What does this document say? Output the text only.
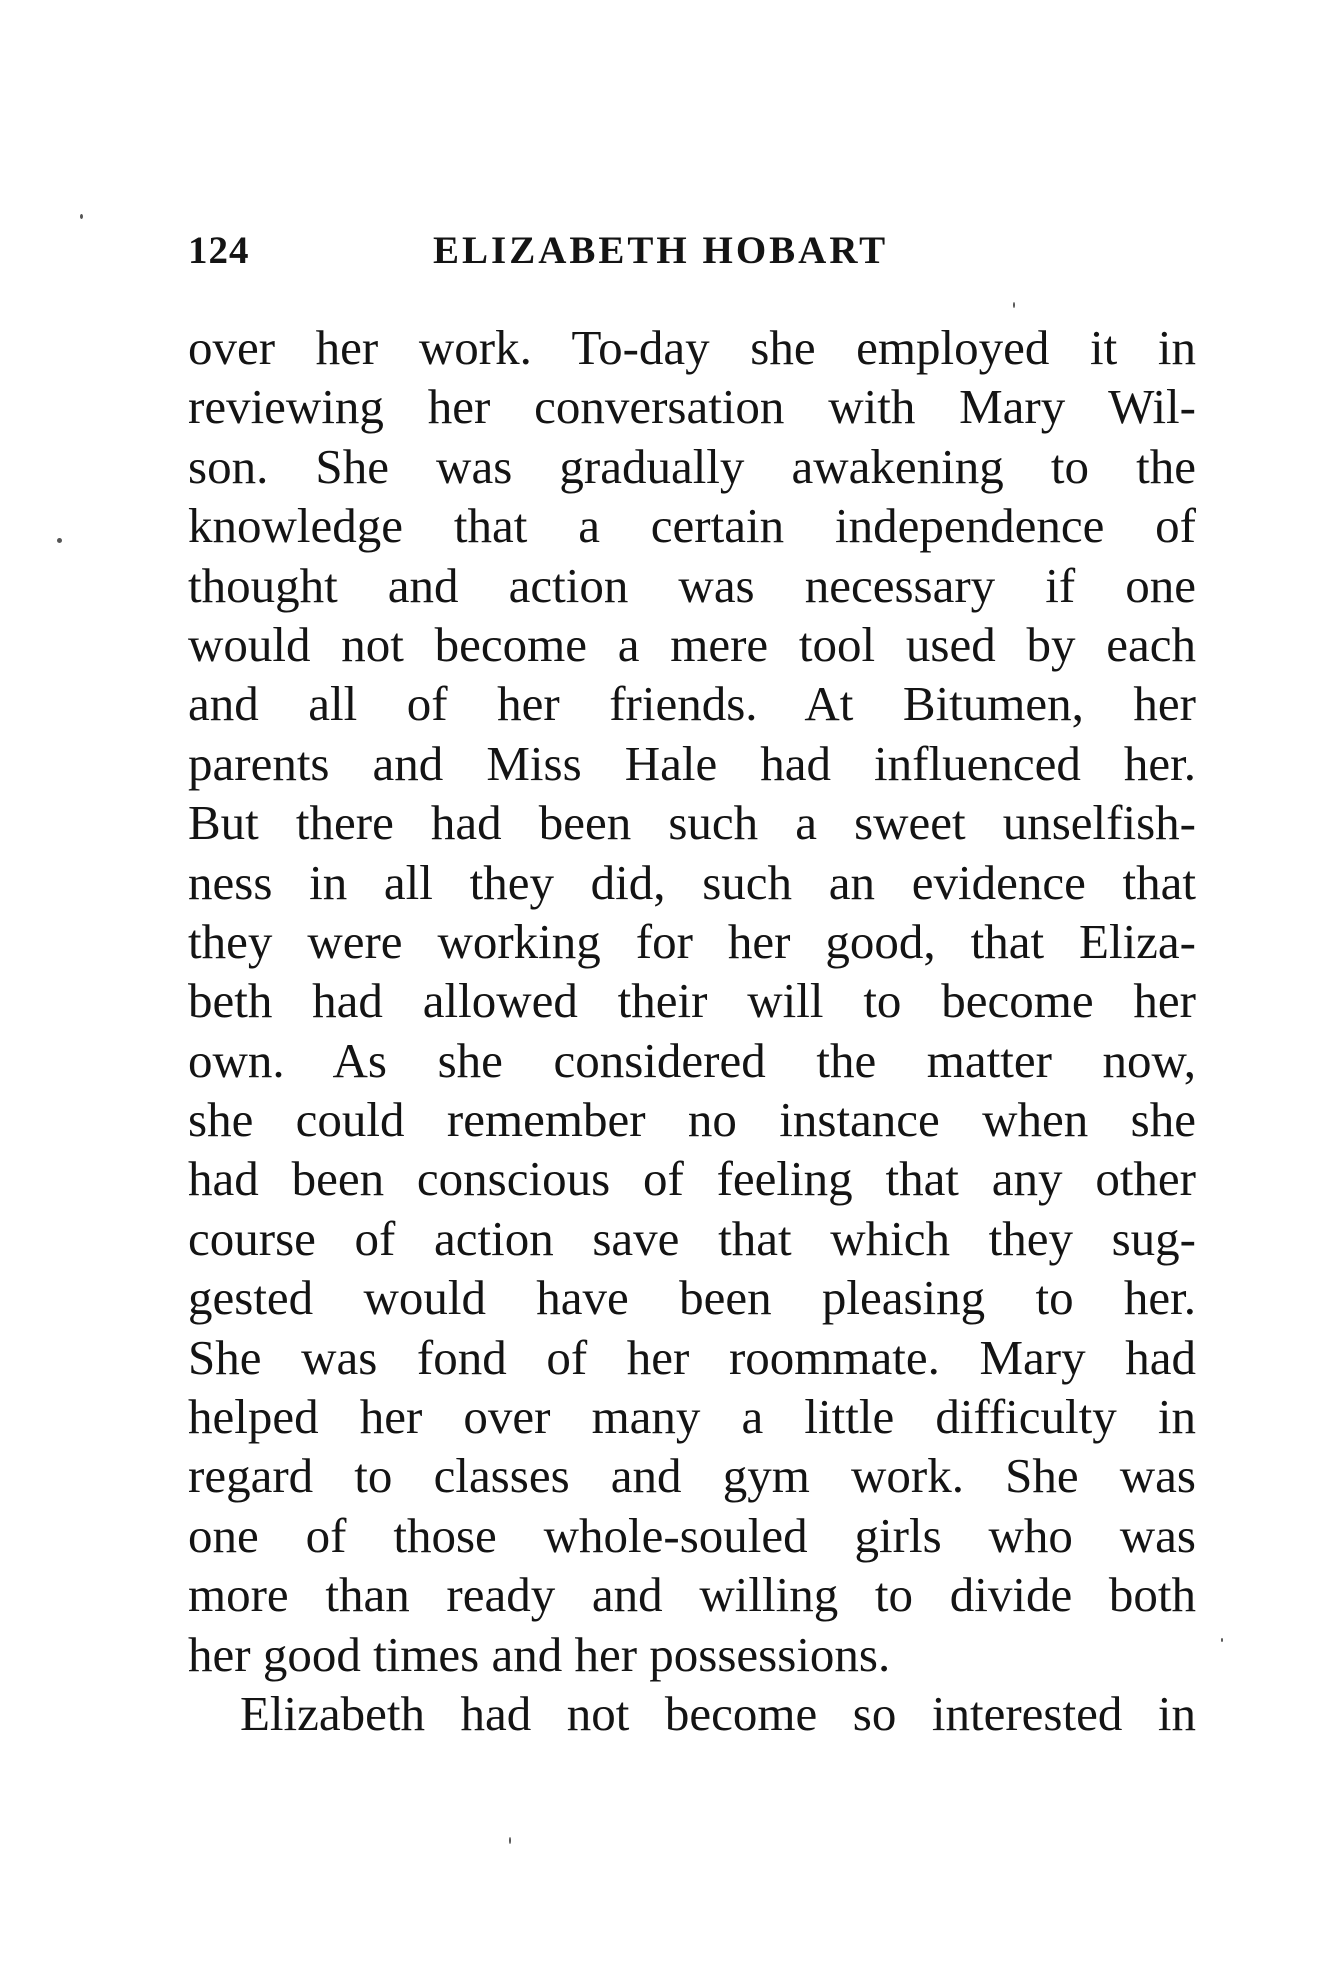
124	ELIZABETH HOBART
over her work. To-day she employed it in
reviewing her conversation with Mary Wil-
son. She was gradually awakening to the
knowledge that a certain independence of
thought and action was necessary if one
would not become a mere tool used by each
and all of her friends. At Bitumen, her
parents and Miss Hale had influenced her.
But there had been such a sweet unselfish-
ness in all they did, such an evidence that
they were working for her good, that Eliza-
beth had allowed their will to become her
own. As she considered the matter now,
she could remember no instance when she
had been conscious of feeling that any other
course of action save that which they sug-
gested would have been pleasing to her.
She was fond of her roommate. Mary had
helped her over many a little difficulty in
regard to classes and gym work. She was
one of those whole-souled girls who was
more than ready and willing to divide both
her good times and her possessions.
Elizabeth had not become so interested in
